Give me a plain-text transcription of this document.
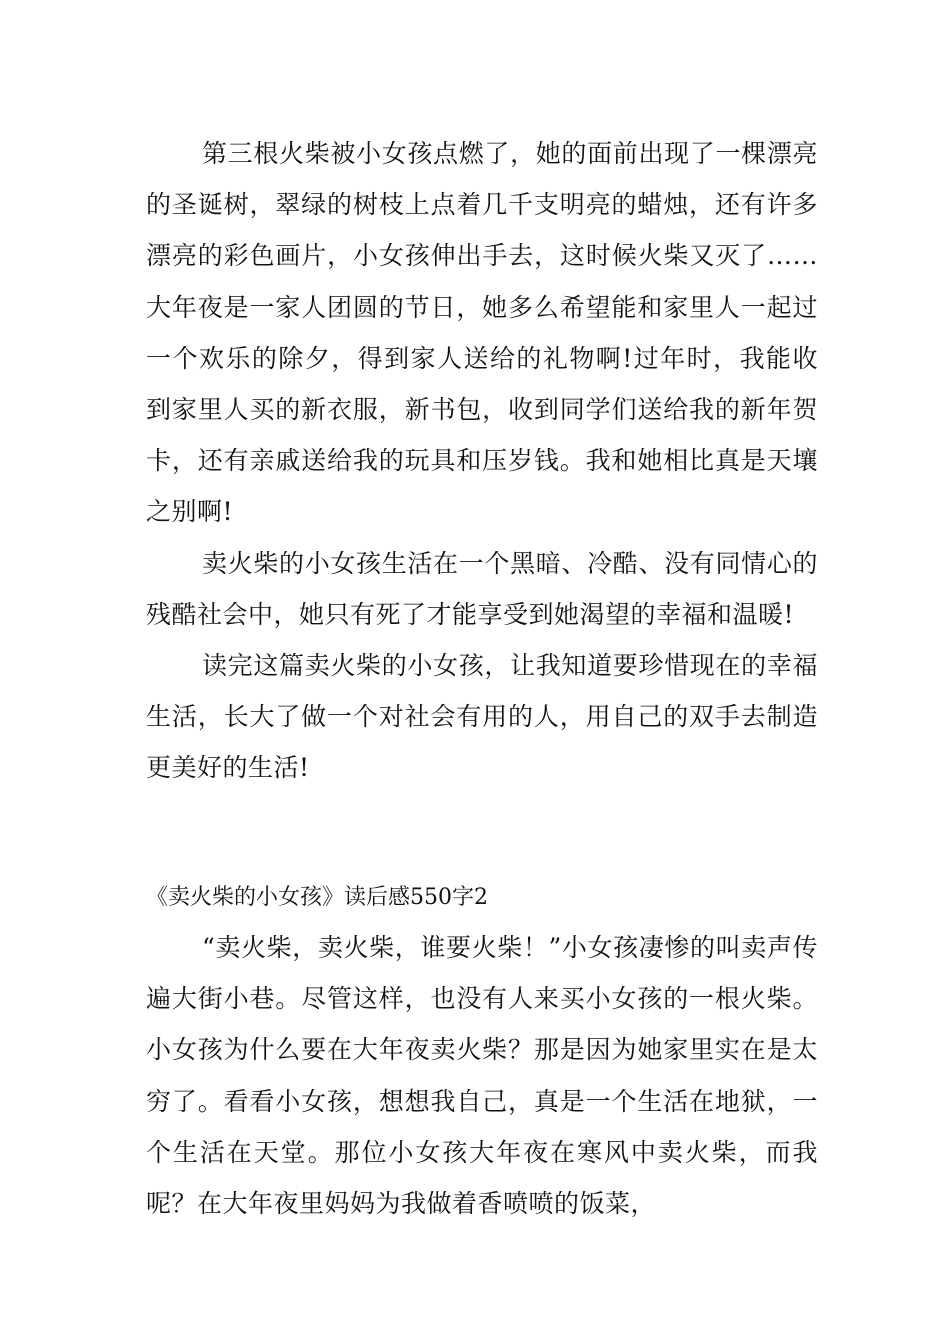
第三根火柴被小女孩点燃了，她的面前出现了一棵漂亮的圣诞树，翠绿的树枝上点着几千支明亮的蜡烛，还有许多漂亮的彩色画片，小女孩伸出手去，这时候火柴又灭了……大年夜是一家人团圆的节日，她多么希望能和家里人一起过一个欢乐的除夕，得到家人送给的礼物啊!过年时，我能收到家里人买的新衣服，新书包，收到同学们送给我的新年贺卡，还有亲戚送给我的玩具和压岁钱。我和她相比真是天壤之别啊!

卖火柴的小女孩生活在一个黑暗、冷酷、没有同情心的残酷社会中，她只有死了才能享受到她渴望的幸福和温暖!

读完这篇卖火柴的小女孩，让我知道要珍惜现在的幸福生活，长大了做一个对社会有用的人，用自己的双手去制造更美好的生活!

《卖火柴的小女孩》读后感550字2

“卖火柴，卖火柴，谁要火柴！”小女孩凄惨的叫卖声传遍大街小巷。尽管这样，也没有人来买小女孩的一根火柴。小女孩为什么要在大年夜卖火柴？那是因为她家里实在是太穷了。看看小女孩，想想我自己，真是一个生活在地狱，一个生活在天堂。那位小女孩大年夜在寒风中卖火柴，而我呢？在大年夜里妈妈为我做着香喷喷的饭菜，
